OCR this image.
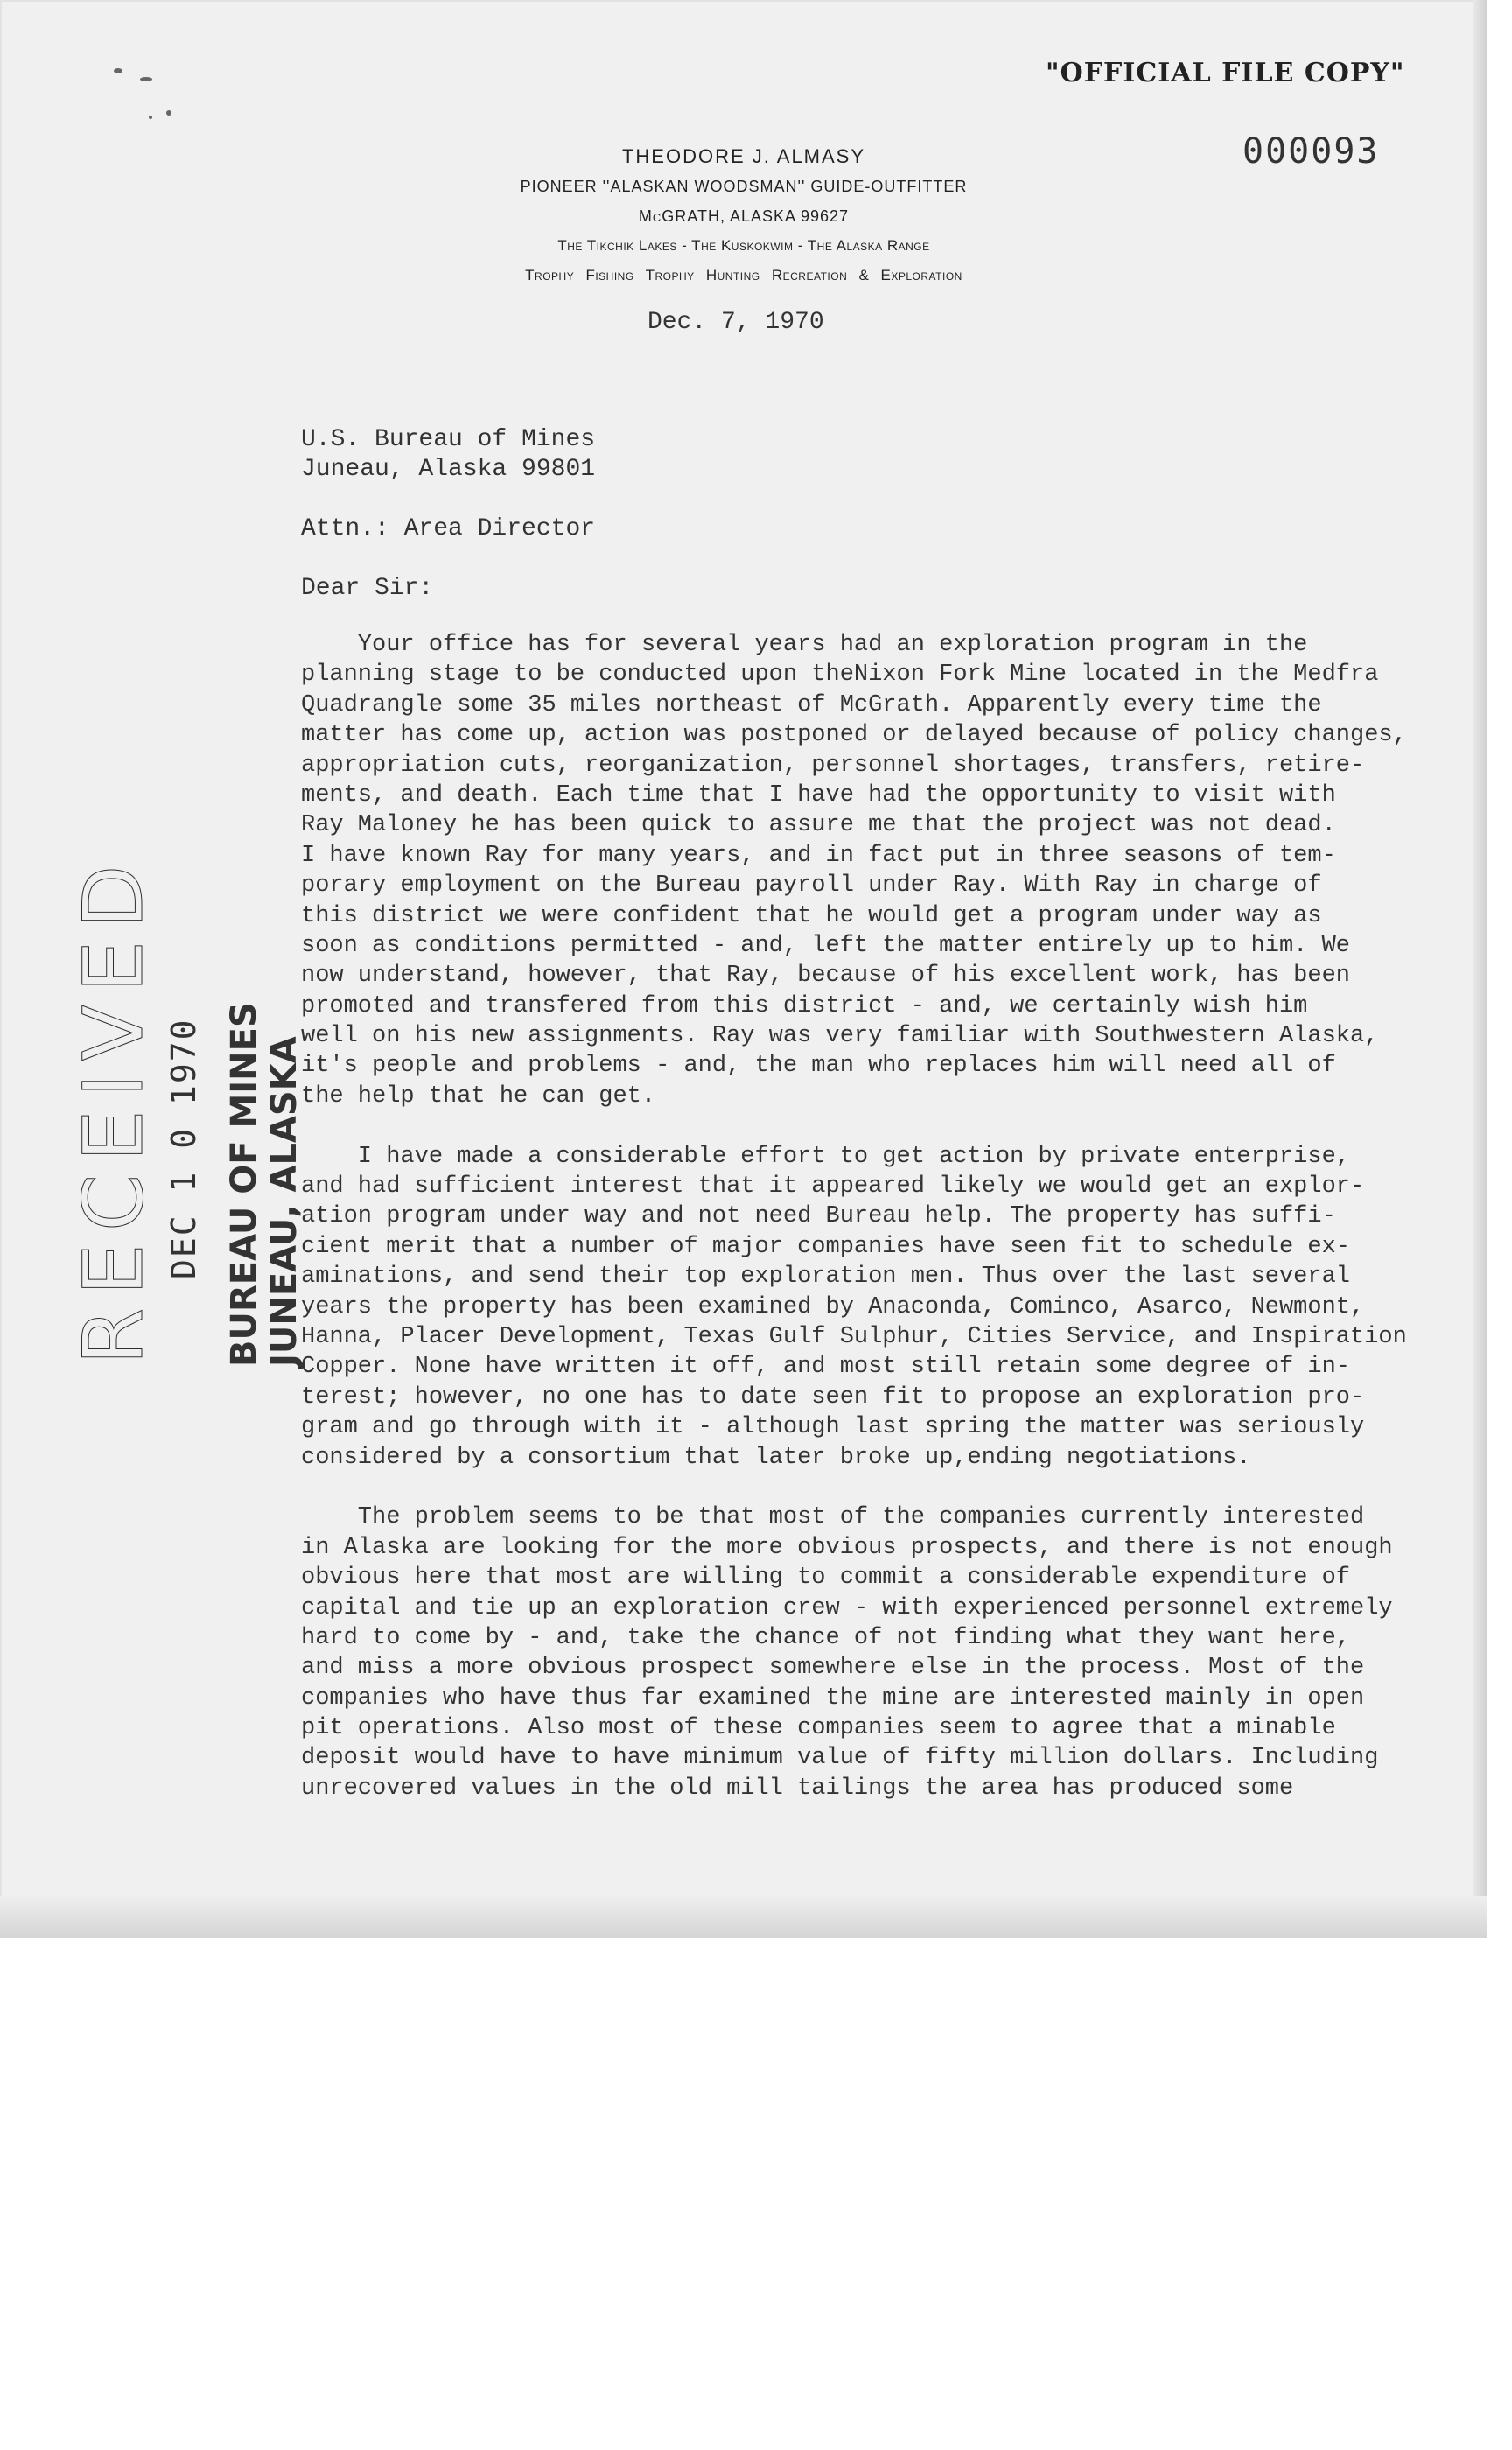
"OFFICIAL FILE COPY"
000093
THEODORE J. ALMASY
PIONEER ''ALASKAN WOODSMAN'' GUIDE-OUTFITTER
McGRATH, ALASKA 99627
The Tikchik Lakes - The Kuskokwim - The Alaska Range
Trophy Fishing Trophy Hunting Recreation & Exploration
Dec. 7, 1970
U.S. Bureau of Mines
Juneau, Alaska 99801
Attn.: Area Director
Dear Sir:
Your office has for several years had an exploration program in the
planning stage to be conducted upon theNixon Fork Mine located in the Medfra
Quadrangle some 35 miles northeast of McGrath. Apparently every time the
matter has come up, action was postponed or delayed because of policy changes,
appropriation cuts, reorganization, personnel shortages, transfers, retire-
ments, and death. Each time that I have had the opportunity to visit with
Ray Maloney he has been quick to assure me that the project was not dead.
I have known Ray for many years, and in fact put in three seasons of tem-
porary employment on the Bureau payroll under Ray. With Ray in charge of
this district we were confident that he would get a program under way as
soon as conditions permitted - and, left the matter entirely up to him. We
now understand, however, that Ray, because of his excellent work, has been
promoted and transfered from this district - and, we certainly wish him
well on his new assignments. Ray was very familiar with Southwestern Alaska,
it's people and problems - and, the man who replaces him will need all of
the help that he can get.
I have made a considerable effort to get action by private enterprise,
and had sufficient interest that it appeared likely we would get an explor-
ation program under way and not need Bureau help. The property has suffi-
cient merit that a number of major companies have seen fit to schedule ex-
aminations, and send their top exploration men. Thus over the last several
years the property has been examined by Anaconda, Cominco, Asarco, Newmont,
Hanna, Placer Development, Texas Gulf Sulphur, Cities Service, and Inspiration
Copper. None have written it off, and most still retain some degree of in-
terest; however, no one has to date seen fit to propose an exploration pro-
gram and go through with it - although last spring the matter was seriously
considered by a consortium that later broke up,ending negotiations.
The problem seems to be that most of the companies currently interested
in Alaska are looking for the more obvious prospects, and there is not enough
obvious here that most are willing to commit a considerable expenditure of
capital and tie up an exploration crew - with experienced personnel extremely
hard to come by - and, take the chance of not finding what they want here,
and miss a more obvious prospect somewhere else in the process. Most of the
companies who have thus far examined the mine are interested mainly in open
pit operations. Also most of these companies seem to agree that a minable
deposit would have to have minimum value of fifty million dollars. Including
unrecovered values in the old mill tailings the area has produced some
RECEIVED DEC 1 0 1970 BUREAU OF MINES JUNEAU, ALASKA
